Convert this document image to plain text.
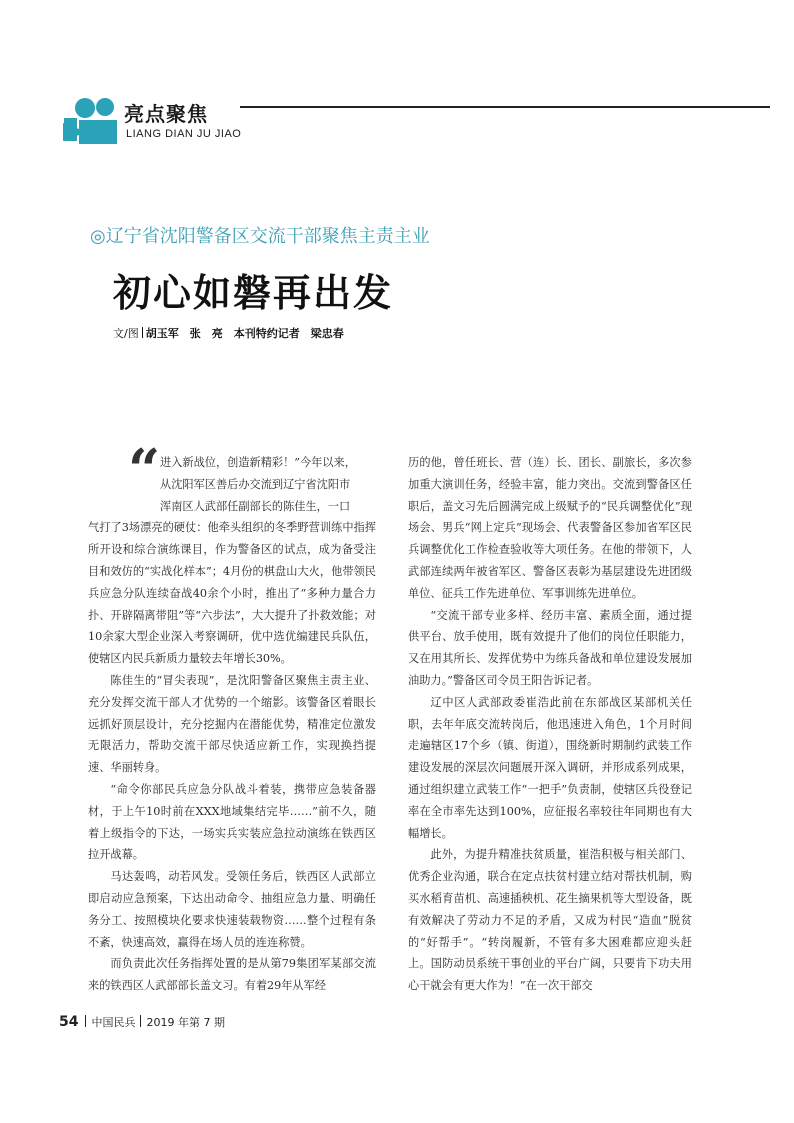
亮点聚焦
LIANG DIAN JU JIAO
◎辽宁省沈阳警备区交流干部聚焦主责主业
初心如磐再出发
文/图 胡玉军　张　亮　本刊特约记者　梁忠春
“ 进入新战位，创造新精彩！”今年以来，
从沈阳军区善后办交流到辽宁省沈阳市
浑南区人武部任副部长的陈佳生，一口

气打了3场漂亮的硬仗：他牵头组织的冬季野营训练中指挥所开设和综合演练课目，作为警备区的试点，成为备受注目和效仿的“实战化样本”；4月份的棋盘山大火，他带领民兵应急分队连续奋战40余个小时，推出了“多种力量合力扑、开辟隔离带阻”等“六步法”，大大提升了扑救效能；对10余家大型企业深入考察调研，优中选优编建民兵队伍，使辖区内民兵新质力量较去年增长30%。

陈佳生的“冒尖表现”，是沈阳警备区聚焦主责主业、充分发挥交流干部人才优势的一个缩影。该警备区着眼长远抓好顶层设计，充分挖掘内在潜能优势，精准定位激发无限活力，帮助交流干部尽快适应新工作，实现换挡提速、华丽转身。

“命令你部民兵应急分队战斗着装，携带应急装备器材，于上午10时前在XXX地域集结完毕……”前不久，随着上级指令的下达，一场实兵实装应急拉动演练在铁西区拉开战幕。

马达轰鸣，动若风发。受领任务后，铁西区人武部立即启动应急预案，下达出动命令、抽组应急力量、明确任务分工、按照模块化要求快速装载物资……整个过程有条不紊，快速高效，赢得在场人员的连连称赞。

而负责此次任务指挥处置的是从第79集团军某部交流来的铁西区人武部部长盖文习。有着29年从军经

历的他，曾任班长、营（连）长、团长、副旅长，多次参加重大演训任务，经验丰富，能力突出。交流到警备区任职后，盖文习先后圆满完成上级赋予的“民兵调整优化”现场会、男兵“网上定兵”现场会、代表警备区参加省军区民兵调整优化工作检查验收等大项任务。在他的带领下，人武部连续两年被省军区、警备区表彰为基层建设先进团级单位、征兵工作先进单位、军事训练先进单位。

“交流干部专业多样、经历丰富、素质全面，通过提供平台、放手使用，既有效提升了他们的岗位任职能力，又在用其所长、发挥优势中为练兵备战和单位建设发展加油助力。”警备区司令员王阳告诉记者。

辽中区人武部政委崔浩此前在东部战区某部机关任职，去年年底交流转岗后，他迅速进入角色，1个月时间走遍辖区17个乡（镇、街道），围绕新时期制约武装工作建设发展的深层次问题展开深入调研，并形成系列成果，通过组织建立武装工作“一把手”负责制，使辖区兵役登记率在全市率先达到100%，应征报名率较往年同期也有大幅增长。

此外，为提升精准扶贫质量，崔浩积极与相关部门、优秀企业沟通，联合在定点扶贫村建立结对帮扶机制，购买水稻育苗机、高速插秧机、花生摘果机等大型设备，既有效解决了劳动力不足的矛盾，又成为村民“造血”脱贫的“好帮手”。“转岗履新，不管有多大困难都应迎头赶上。国防动员系统干事创业的平台广阔，只要肯下功夫用心干就会有更大作为！”在一次干部交

54 中国民兵 2019 年第 7 期
